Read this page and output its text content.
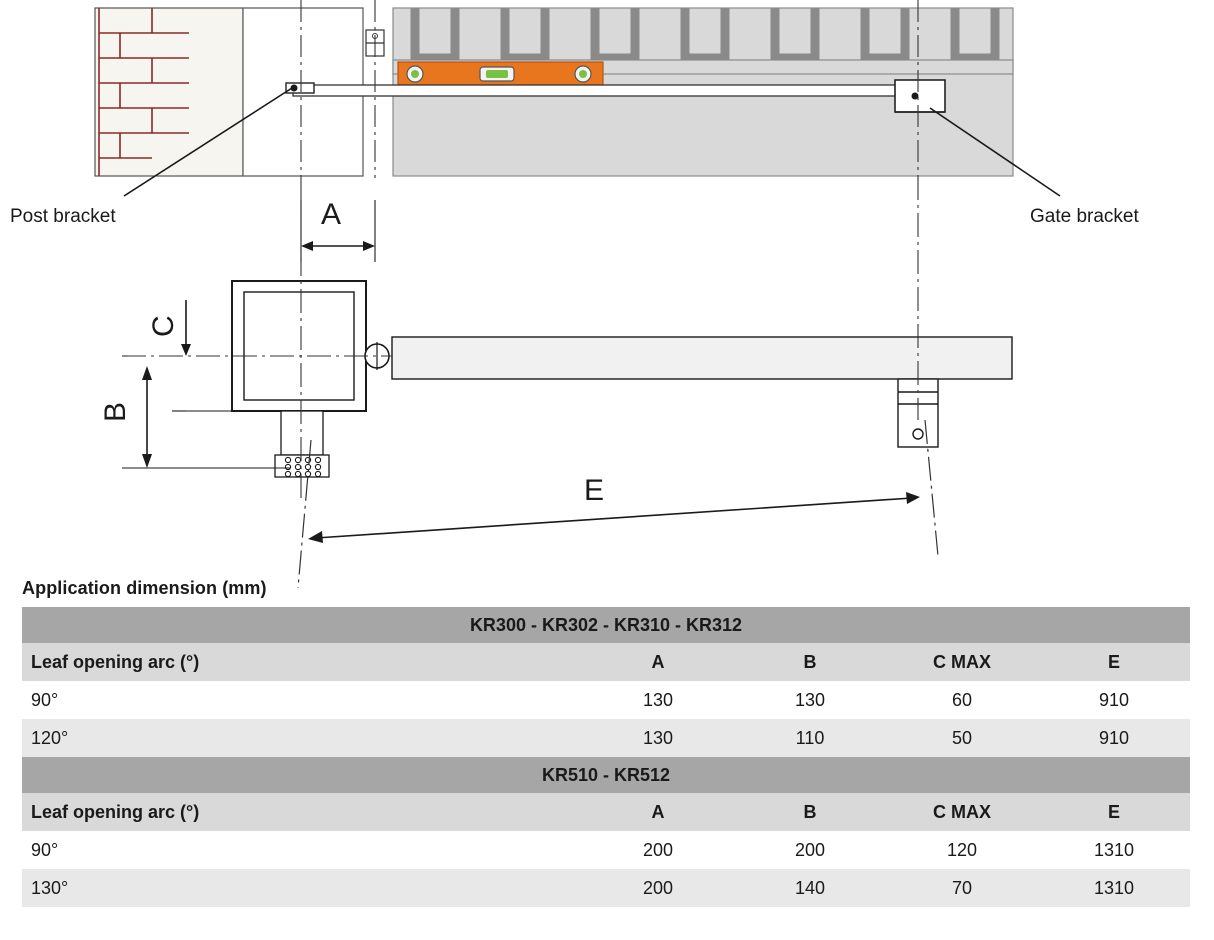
Post bracket	Gate bracket
A
C
B
E

Application dimension (mm)

KR300 - KR302 - KR310 - KR312				
Leaf opening arc (°)	A	B	C MAX	E
90°	130	130	60	910
120°	130	110	50	910
KR510 - KR512				
Leaf opening arc (°)	A	B	C MAX	E
90°	200	200	120	1310
130°	200	140	70	1310
